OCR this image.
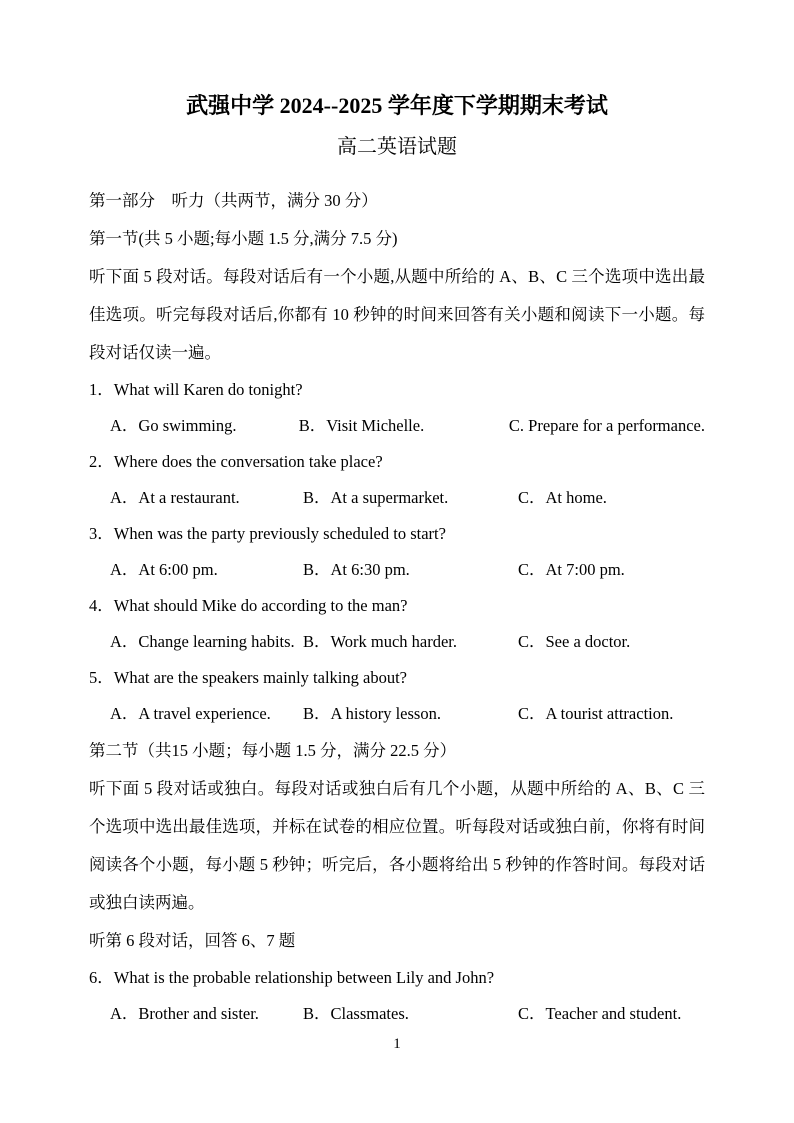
武强中学 2024--2025 学年度下学期期末考试
高二英语试题

第一部分　听力（共两节，满分 30 分）

第一节(共 5 小题;每小题 1.5 分,满分 7.5 分)

听下面 5 段对话。每段对话后有一个小题,从题中所给的 A、B、C 三个选项中选出最佳选项。听完每段对话后,你都有 10 秒钟的时间来回答有关小题和阅读下一小题。每段对话仅读一遍。

1．What will Karen do tonight?

A．Go swimming.	B．Visit Michelle.	C. Prepare for a performance.

2．Where does the conversation take place?

A．At a restaurant.	B．At a supermarket.	C．At home.

3．When was the party previously scheduled to start?

A．At 6:00 pm.	B．At 6:30 pm.	C．At 7:00 pm.

4．What should Mike do according to the man?

A．Change learning habits. B．Work much harder.	C．See a doctor.

5．What are the speakers mainly talking about?

A．A travel experience.	B．A history lesson.	C．A tourist attraction.

第二节（共15 小题；每小题 1.5 分，满分 22.5 分）

听下面 5 段对话或独白。每段对话或独白后有几个小题，从题中所给的 A、B、C 三个选项中选出最佳选项，并标在试卷的相应位置。听每段对话或独白前，你将有时间阅读各个小题，每小题 5 秒钟；听完后，各小题将给出 5 秒钟的作答时间。每段对话或独白读两遍。

听第 6 段对话，回答 6、7 题

6．What is the probable relationship between Lily and John?

A．Brother and sister.	B．Classmates.	C．Teacher and student.
1
